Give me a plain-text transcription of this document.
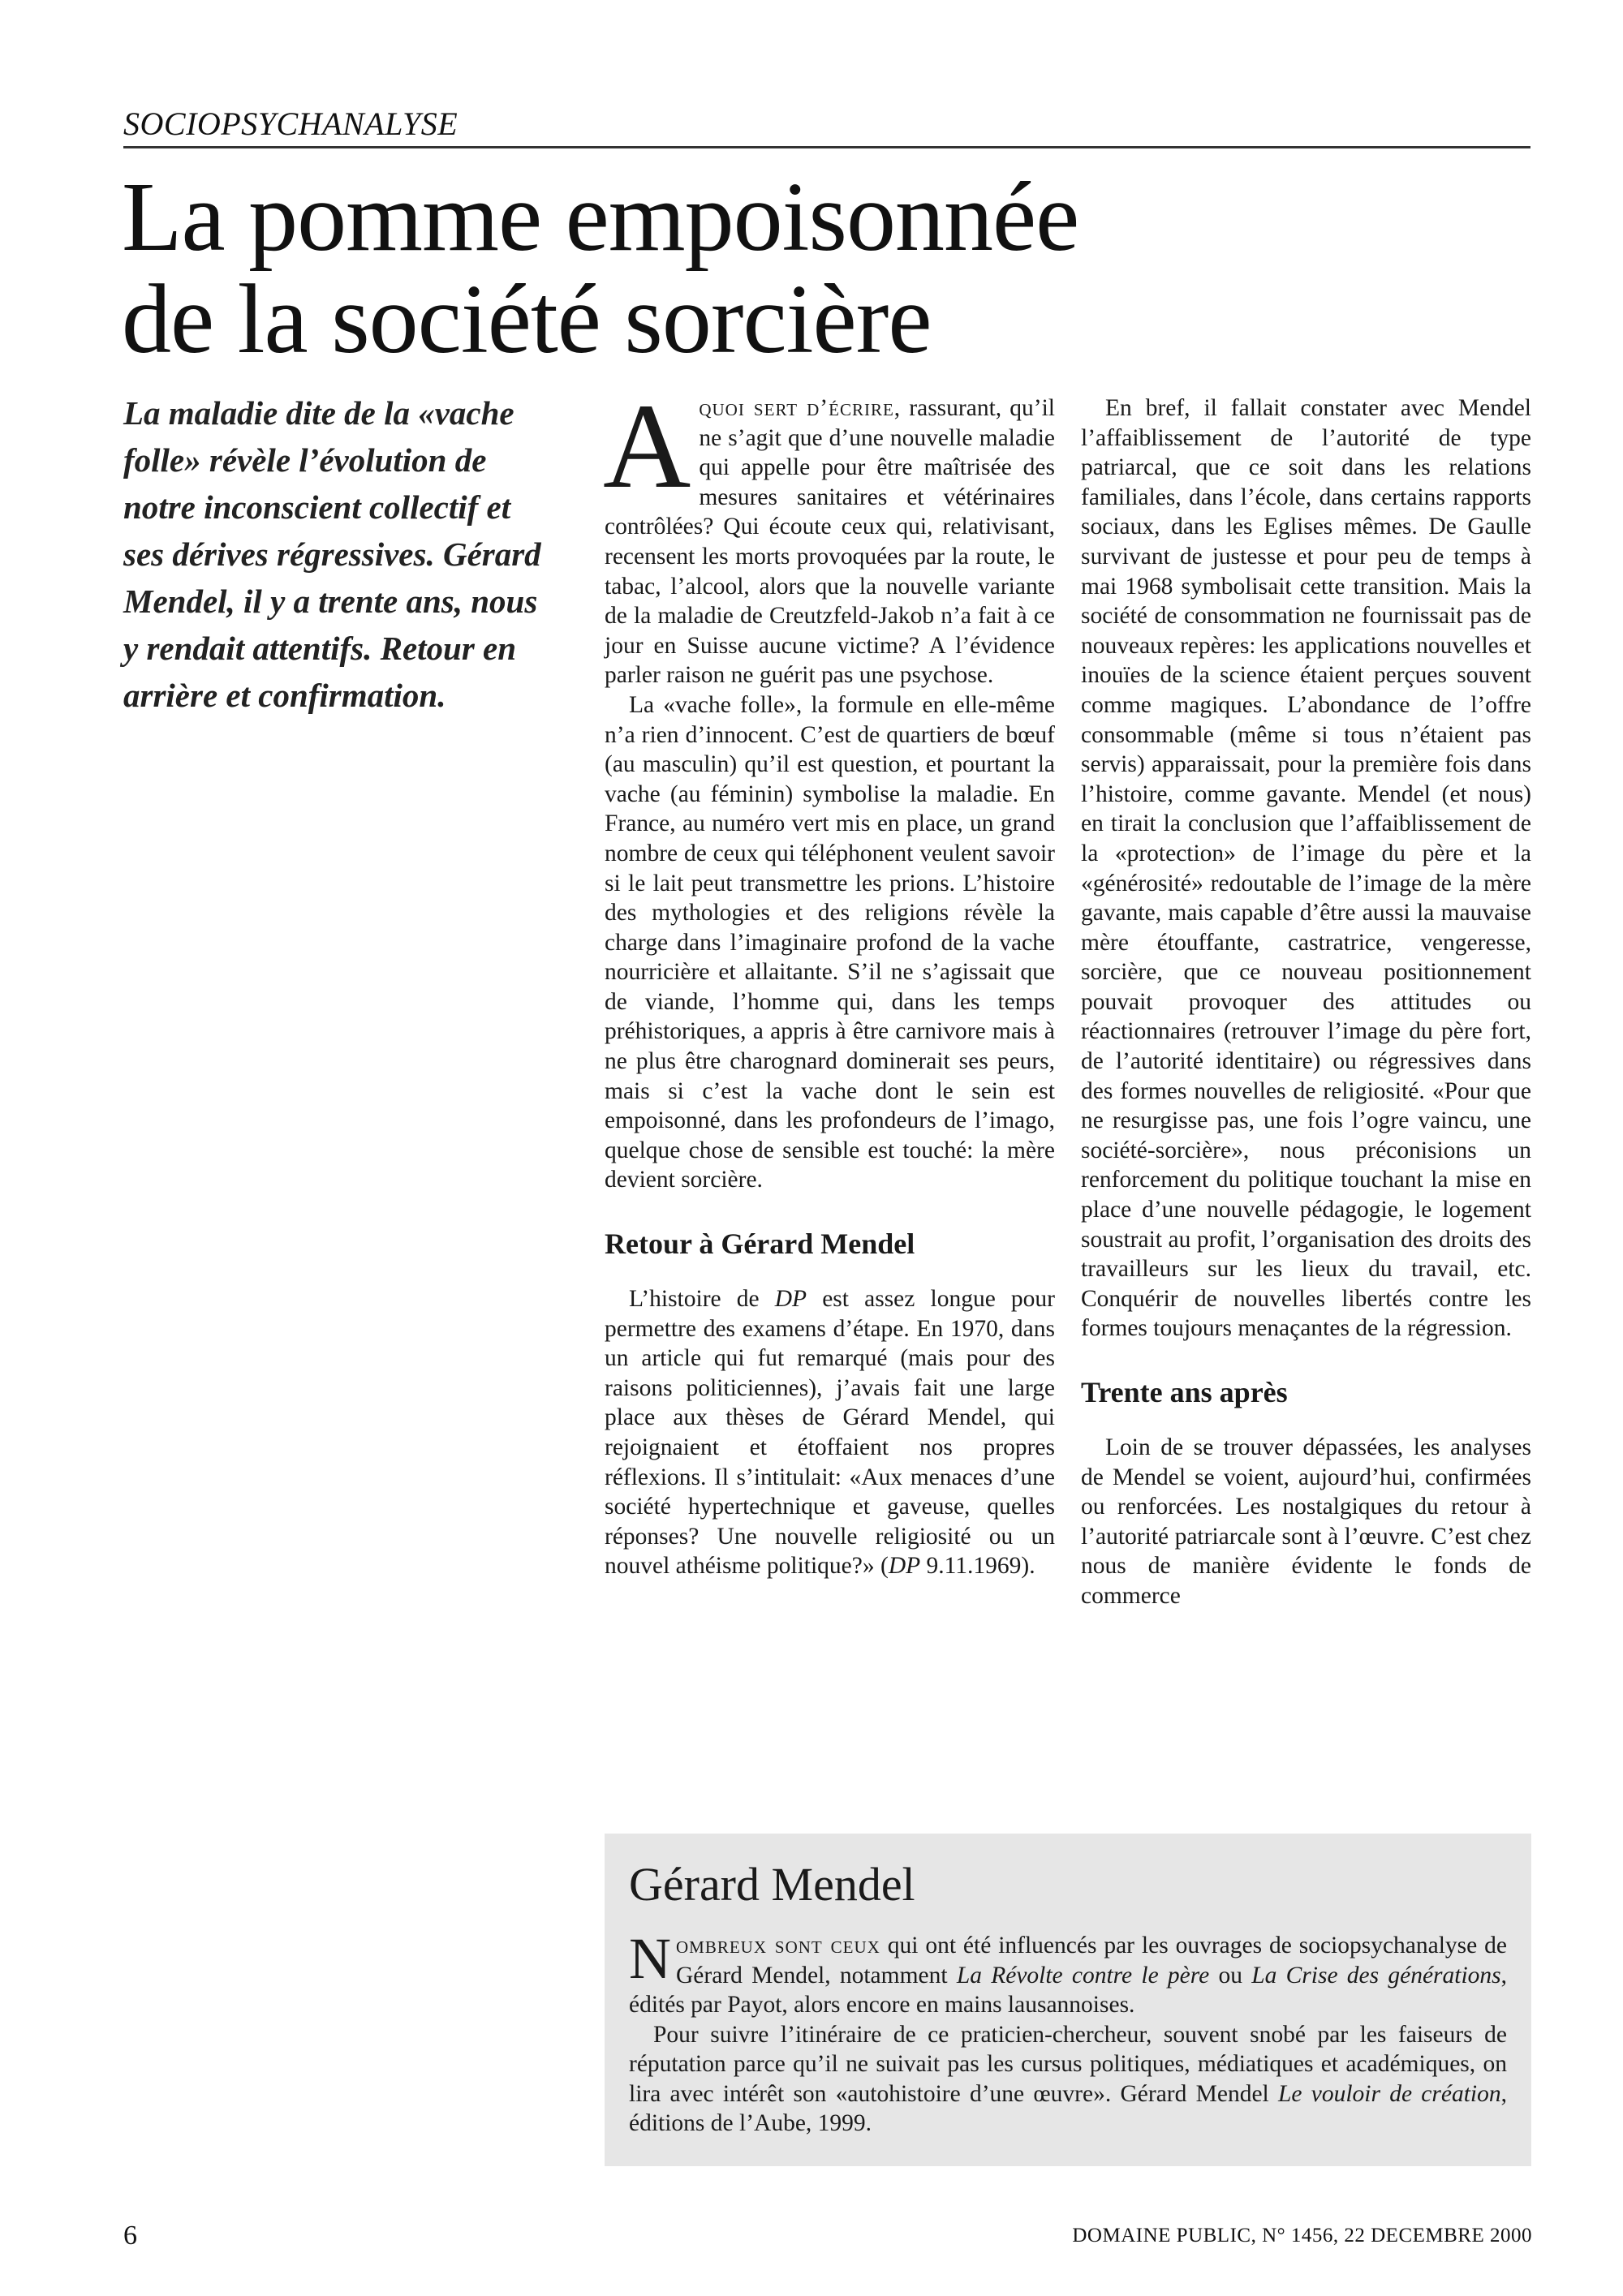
SOCIOPSYCHANALYSE
La pomme empoisonnée
de la société sorcière
La maladie dite de la «vache folle» révèle l’évolution de notre inconscient collectif et ses dérives régressives. Gérard Mendel, il y a trente ans, nous y rendait attentifs. Retour en arrière et confirmation.

Aquoi sert d’écrire, rassurant, qu’il ne s’agit que d’une nouvelle maladie qui appelle pour être maîtrisée des mesures sanitaires et vétérinaires contrôlées? Qui écoute ceux qui, relativisant, recensent les morts provoquées par la route, le tabac, l’alcool, alors que la nouvelle variante de la maladie de Creutzfeld-Jakob n’a fait à ce jour en Suisse aucune victime? A l’évidence parler raison ne guérit pas une psychose.

La «vache folle», la formule en elle-même n’a rien d’innocent. C’est de quartiers de bœuf (au masculin) qu’il est question, et pourtant la vache (au féminin) symbolise la maladie. En France, au numéro vert mis en place, un grand nombre de ceux qui téléphonent veulent savoir si le lait peut transmettre les prions. L’histoire des mythologies et des religions révèle la charge dans l’imaginaire profond de la vache nourricière et allaitante. S’il ne s’agissait que de viande, l’homme qui, dans les temps préhistoriques, a appris à être carnivore mais à ne plus être charognard dominerait ses peurs, mais si c’est la vache dont le sein est empoisonné, dans les profondeurs de l’imago, quelque chose de sensible est touché: la mère devient sorcière.

Retour à Gérard Mendel

L’histoire de DP est assez longue pour permettre des examens d’étape. En 1970, dans un article qui fut remarqué (mais pour des raisons politiciennes), j’avais fait une large place aux thèses de Gérard Mendel, qui rejoignaient et étoffaient nos propres réflexions. Il s’intitulait: «Aux menaces d’une société hypertechnique et gaveuse, quelles réponses? Une nouvelle religiosité ou un nouvel athéisme politique?» (DP 9.11.1969).

En bref, il fallait constater avec Mendel l’affaiblissement de l’autorité de type patriarcal, que ce soit dans les relations familiales, dans l’école, dans certains rapports sociaux, dans les Eglises mêmes. De Gaulle survivant de justesse et pour peu de temps à mai 1968 symbolisait cette transition. Mais la société de consommation ne fournissait pas de nouveaux repères: les applications nouvelles et inouïes de la science étaient perçues souvent comme magiques. L’abondance de l’offre consommable (même si tous n’étaient pas servis) apparaissait, pour la première fois dans l’histoire, comme gavante. Mendel (et nous) en tirait la conclusion que l’affaiblissement de la «protection» de l’image du père et la «générosité» redoutable de l’image de la mère gavante, mais capable d’être aussi la mauvaise mère étouffante, castratrice, vengeresse, sorcière, que ce nouveau positionnement pouvait provoquer des attitudes ou réactionnaires (retrouver l’image du père fort, de l’autorité identitaire) ou régressives dans des formes nouvelles de religiosité. «Pour que ne resurgisse pas, une fois l’ogre vaincu, une société-sorcière», nous préconisions un renforcement du politique touchant la mise en place d’une nouvelle pédagogie, le logement soustrait au profit, l’organisation des droits des travailleurs sur les lieux du travail, etc. Conquérir de nouvelles libertés contre les formes toujours menaçantes de la régression.

Trente ans après

Loin de se trouver dépassées, les analyses de Mendel se voient, aujourd’hui, confirmées ou renforcées. Les nostalgiques du retour à l’autorité patriarcale sont à l’œuvre. C’est chez nous de manière évidente le fonds de commerce

Gérard Mendel

Nombreux sont ceux qui ont été influencés par les ouvrages de sociopsychanalyse de Gérard Mendel, notamment La Révolte contre le père ou La Crise des générations, édités par Payot, alors encore en mains lausannoises.

Pour suivre l’itinéraire de ce praticien-chercheur, souvent snobé par les faiseurs de réputation parce qu’il ne suivait pas les cursus politiques, médiatiques et académiques, on lira avec intérêt son «autohistoire d’une œuvre». Gérard Mendel Le vouloir de création, éditions de l’Aube, 1999.

6	DOMAINE PUBLIC, N° 1456, 22 DECEMBRE 2000
